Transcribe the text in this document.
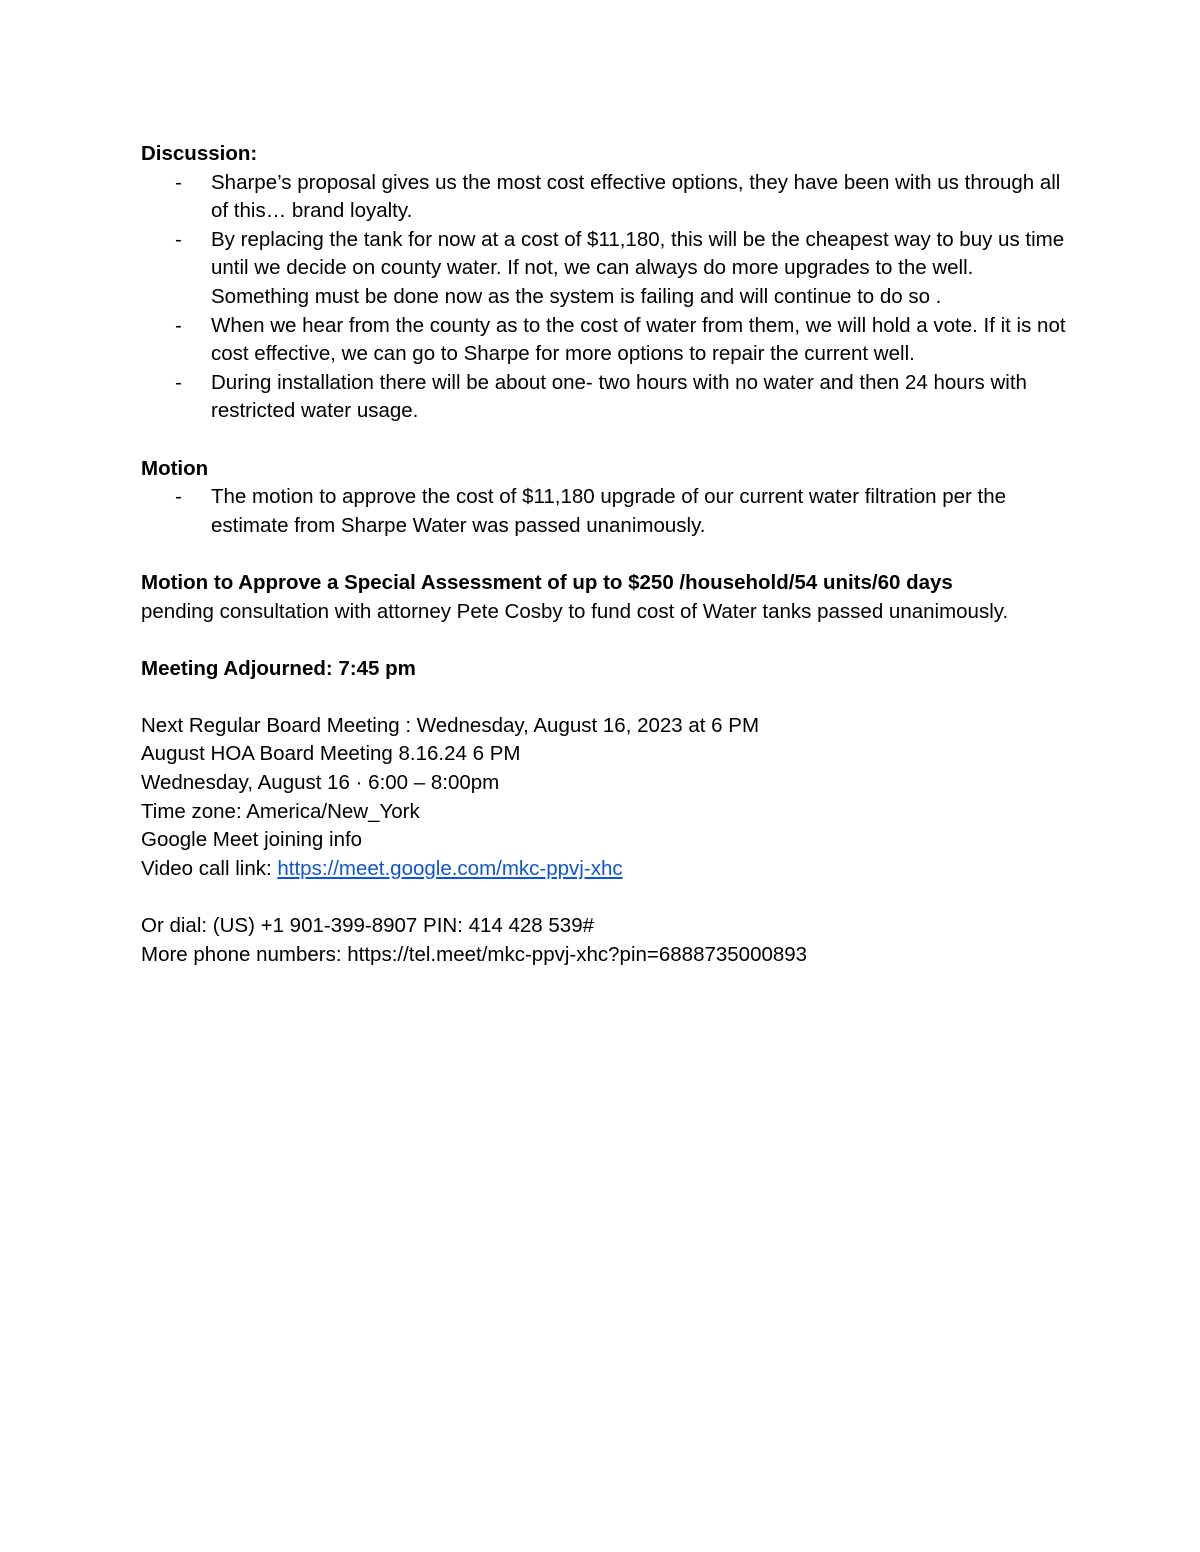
Discussion:

- Sharpe’s proposal gives us the most cost effective options, they have been with us through all of this… brand loyalty.
- By replacing the tank for now at a cost of $11,180, this will be the cheapest way to buy us time until we decide on county water. If not, we can always do more upgrades to the well. Something must be done now as the system is failing and will continue to do so .
- When we hear from the county as to the cost of water from them, we will hold a vote. If it is not cost effective, we can go to Sharpe for more options to repair the current well.
- During installation there will be about one- two hours with no water and then 24 hours with restricted water usage.

Motion

- The motion to approve the cost of $11,180 upgrade of our current water filtration per the estimate from Sharpe Water was passed unanimously.

Motion to Approve a Special Assessment of up to $250 /household/54 units/60 days

pending consultation with attorney Pete Cosby to fund cost of Water tanks passed unanimously.

Meeting Adjourned: 7:45 pm

Next Regular Board Meeting : Wednesday, August 16, 2023 at 6 PM

August HOA Board Meeting 8.16.24 6 PM

Wednesday, August 16 · 6:00 – 8:00pm

Time zone: America/New_York

Google Meet joining info

Video call link: https://meet.google.com/mkc-ppvj-xhc

Or dial: (US) +1 901-399-8907 PIN: 414 428 539#

More phone numbers: https://tel.meet/mkc-ppvj-xhc?pin=6888735000893
